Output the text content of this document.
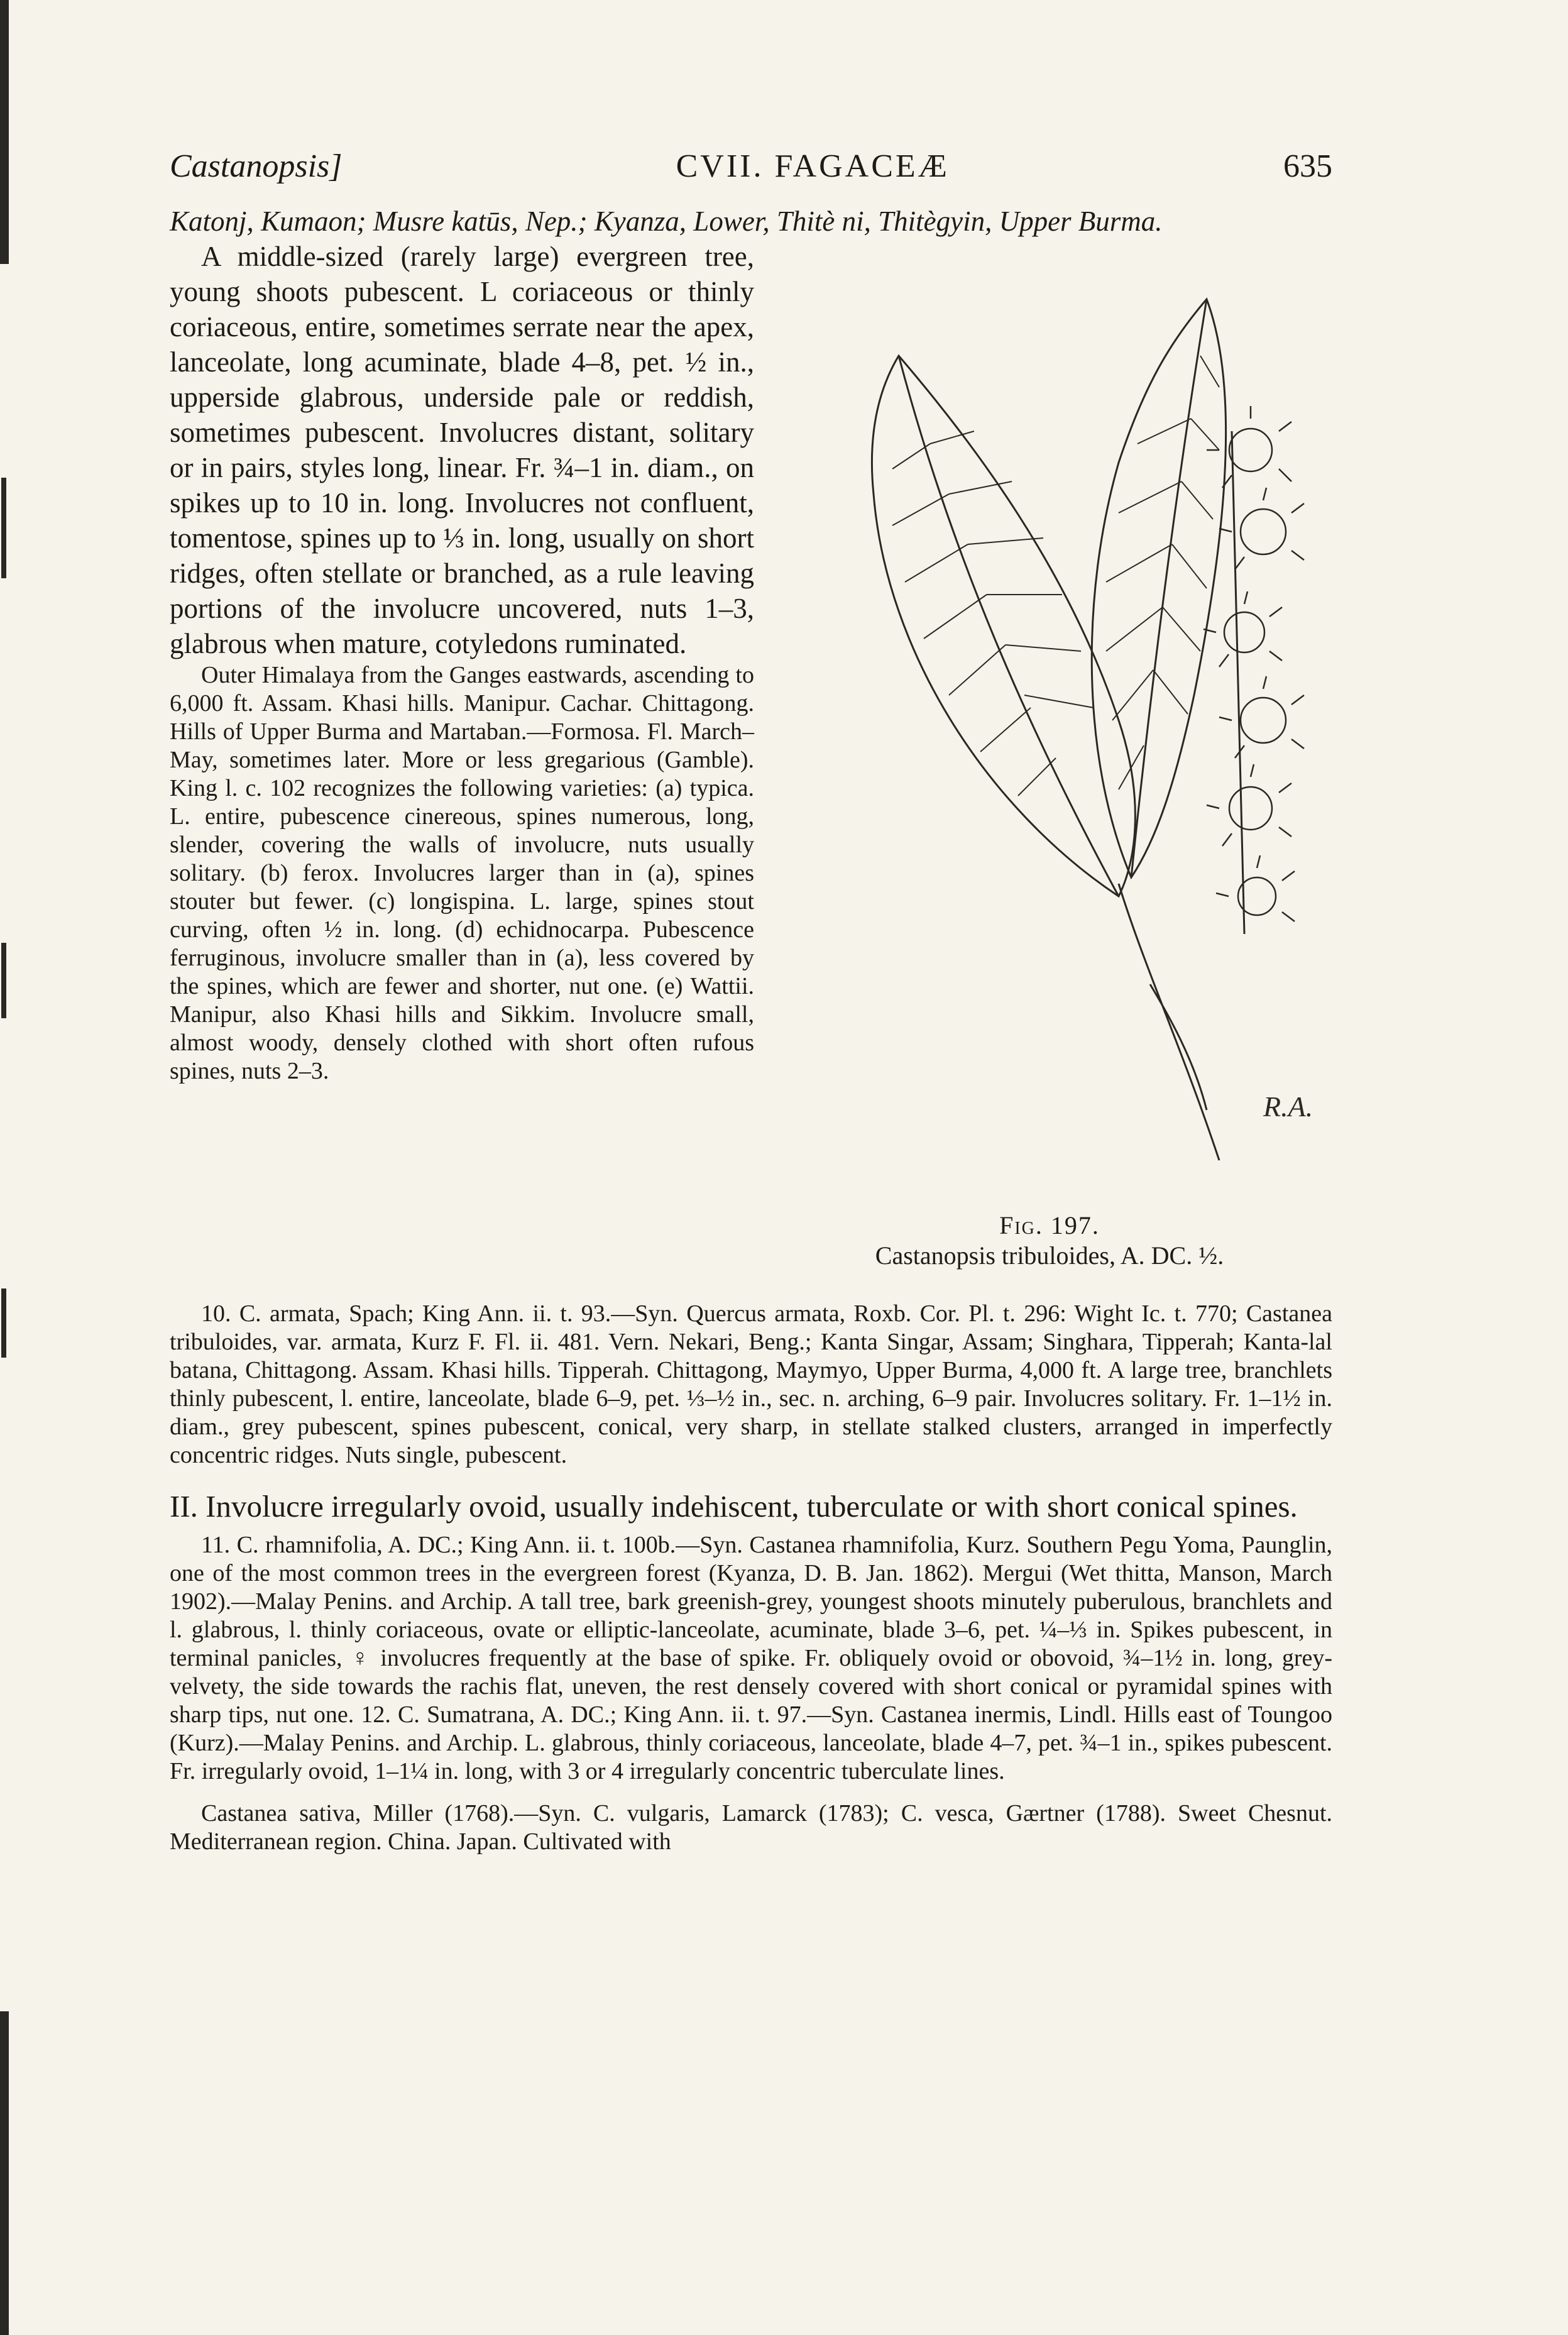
Castanopsis]	CVII. FAGACEÆ	635

Katonj, Kumaon; Musre katūs, Nep.; Kyanza, Lower, Thitè ni, Thitègyin, Upper Burma.

R.A.
Fig. 197.
Castanopsis tribuloides, A. DC. ½.

A middle-sized (rarely large) evergreen tree, young shoots pubescent. L coriaceous or thinly coriaceous, entire, sometimes serrate near the apex, lanceolate, long acuminate, blade 4–8, pet. ½ in., upperside glabrous, underside pale or reddish, sometimes pubescent. Involucres distant, solitary or in pairs, styles long, linear. Fr. ¾–1 in. diam., on spikes up to 10 in. long. Involucres not confluent, tomentose, spines up to ⅓ in. long, usually on short ridges, often stellate or branched, as a rule leaving portions of the involucre uncovered, nuts 1–3, glabrous when mature, cotyledons ruminated.

Outer Himalaya from the Ganges eastwards, ascending to 6,000 ft. Assam. Khasi hills. Manipur. Cachar. Chittagong. Hills of Upper Burma and Martaban.—Formosa. Fl. March–May, sometimes later. More or less gregarious (Gamble). King l. c. 102 recognizes the following varieties: (a) typica. L. entire, pubescence cinereous, spines numerous, long, slender, covering the walls of involucre, nuts usually solitary. (b) ferox. Involucres larger than in (a), spines stouter but fewer. (c) longispina. L. large, spines stout curving, often ½ in. long. (d) echidnocarpa. Pubescence ferruginous, involucre smaller than in (a), less covered by the spines, which are fewer and shorter, nut one. (e) Wattii. Manipur, also Khasi hills and Sikkim. Involucre small, almost woody, densely clothed with short often rufous spines, nuts 2–3.

10. C. armata, Spach; King Ann. ii. t. 93.—Syn. Quercus armata, Roxb. Cor. Pl. t. 296: Wight Ic. t. 770; Castanea tribuloides, var. armata, Kurz F. Fl. ii. 481. Vern. Nekari, Beng.; Kanta Singar, Assam; Singhara, Tipperah; Kanta-lal batana, Chittagong. Assam. Khasi hills. Tipperah. Chittagong, Maymyo, Upper Burma, 4,000 ft. A large tree, branchlets thinly pubescent, l. entire, lanceolate, blade 6–9, pet. ⅓–½ in., sec. n. arching, 6–9 pair. Involucres solitary. Fr. 1–1½ in. diam., grey pubescent, spines pubescent, conical, very sharp, in stellate stalked clusters, arranged in imperfectly concentric ridges. Nuts single, pubescent.

II. Involucre irregularly ovoid, usually indehiscent, tuberculate or with short conical spines.

11. C. rhamnifolia, A. DC.; King Ann. ii. t. 100b.—Syn. Castanea rhamnifolia, Kurz. Southern Pegu Yoma, Paunglin, one of the most common trees in the evergreen forest (Kyanza, D. B. Jan. 1862). Mergui (Wet thitta, Manson, March 1902).—Malay Penins. and Archip. A tall tree, bark greenish-grey, youngest shoots minutely puberulous, branchlets and l. glabrous, l. thinly coriaceous, ovate or elliptic-lanceolate, acuminate, blade 3–6, pet. ¼–⅓ in. Spikes pubescent, in terminal panicles, ♀ involucres frequently at the base of spike. Fr. obliquely ovoid or obovoid, ¾–1½ in. long, grey-velvety, the side towards the rachis flat, uneven, the rest densely covered with short conical or pyramidal spines with sharp tips, nut one. 12. C. Sumatrana, A. DC.; King Ann. ii. t. 97.—Syn. Castanea inermis, Lindl. Hills east of Toungoo (Kurz).—Malay Penins. and Archip. L. glabrous, thinly coriaceous, lanceolate, blade 4–7, pet. ¾–1 in., spikes pubescent. Fr. irregularly ovoid, 1–1¼ in. long, with 3 or 4 irregularly concentric tuberculate lines.

Castanea sativa, Miller (1768).—Syn. C. vulgaris, Lamarck (1783); C. vesca, Gærtner (1788). Sweet Chesnut. Mediterranean region. China. Japan. Cultivated with
